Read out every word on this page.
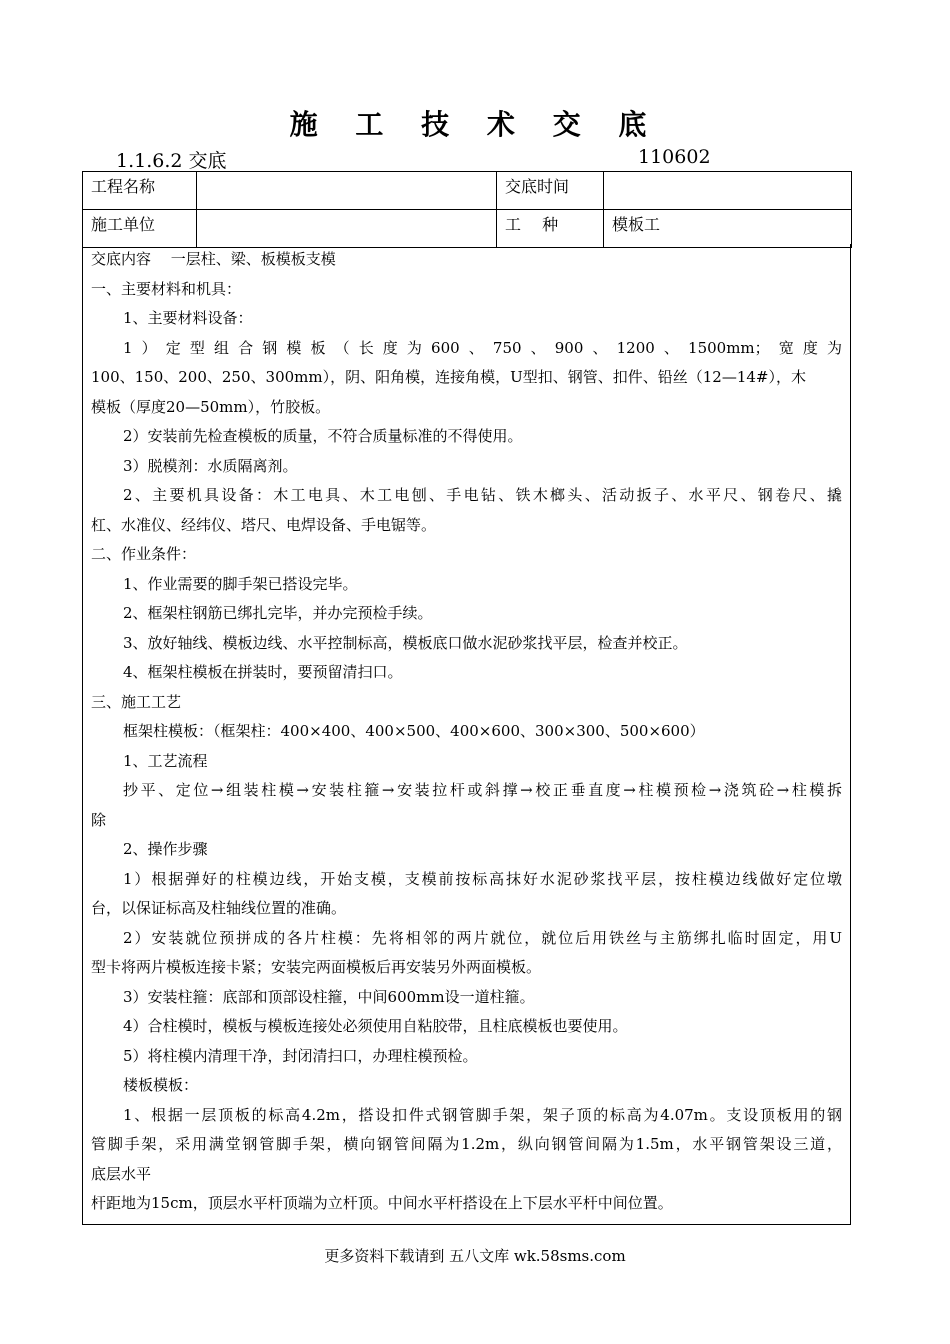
施 工 技 术 交 底
1.1.6.2 交底	110602
工程名称		交底时间	
施工单位		工　 种	模板工

交底内容　 一层柱、梁、板模板支模

一、主要材料和机具：

1、主要材料设备：

1）定型组合钢模板（长度为600、750、900、1200、1500mm；宽度为

100、150、200、250、300mm），阴、阳角模，连接角模，U型扣、钢管、扣件、铅丝（12—14#），木

模板（厚度20—50mm），竹胶板。

2）安装前先检查模板的质量，不符合质量标准的不得使用。

3）脱模剂：水质隔离剂。

2、主要机具设备：木工电具、木工电刨、手电钻、铁木榔头、活动扳子、水平尺、钢卷尺、撬

杠、水准仪、经纬仪、塔尺、电焊设备、手电锯等。

二、作业条件：

1、作业需要的脚手架已搭设完毕。

2、框架柱钢筋已绑扎完毕，并办完预检手续。

3、放好轴线、模板边线、水平控制标高，模板底口做水泥砂浆找平层，检查并校正。

4、框架柱模板在拼装时，要预留清扫口。

三、施工工艺

框架柱模板：（框架柱：400×400、400×500、400×600、300×300、500×600）

1、工艺流程

抄平、定位→组装柱模→安装柱箍→安装拉杆或斜撑→校正垂直度→柱模预检→浇筑砼→柱模拆

除

2、操作步骤

1）根据弹好的柱模边线，开始支模，支模前按标高抹好水泥砂浆找平层，按柱模边线做好定位墩

台，以保证标高及柱轴线位置的准确。

2）安装就位预拼成的各片柱模：先将相邻的两片就位，就位后用铁丝与主筋绑扎临时固定，用U

型卡将两片模板连接卡紧；安装完两面模板后再安装另外两面模板。

3）安装柱箍：底部和顶部设柱箍，中间600mm设一道柱箍。

4）合柱模时，模板与模板连接处必须使用自粘胶带，且柱底模板也要使用。

5）将柱模内清理干净，封闭清扫口，办理柱模预检。

楼板模板：

1、根据一层顶板的标高4.2m，搭设扣件式钢管脚手架，架子顶的标高为4.07m。支设顶板用的钢

管脚手架，采用满堂钢管脚手架，横向钢管间隔为1.2m，纵向钢管间隔为1.5m，水平钢管架设三道，

底层水平

杆距地为15cm，顶层水平杆顶端为立杆顶。中间水平杆搭设在上下层水平杆中间位置。

更多资料下载请到 五八文库 wk.58sms.com
